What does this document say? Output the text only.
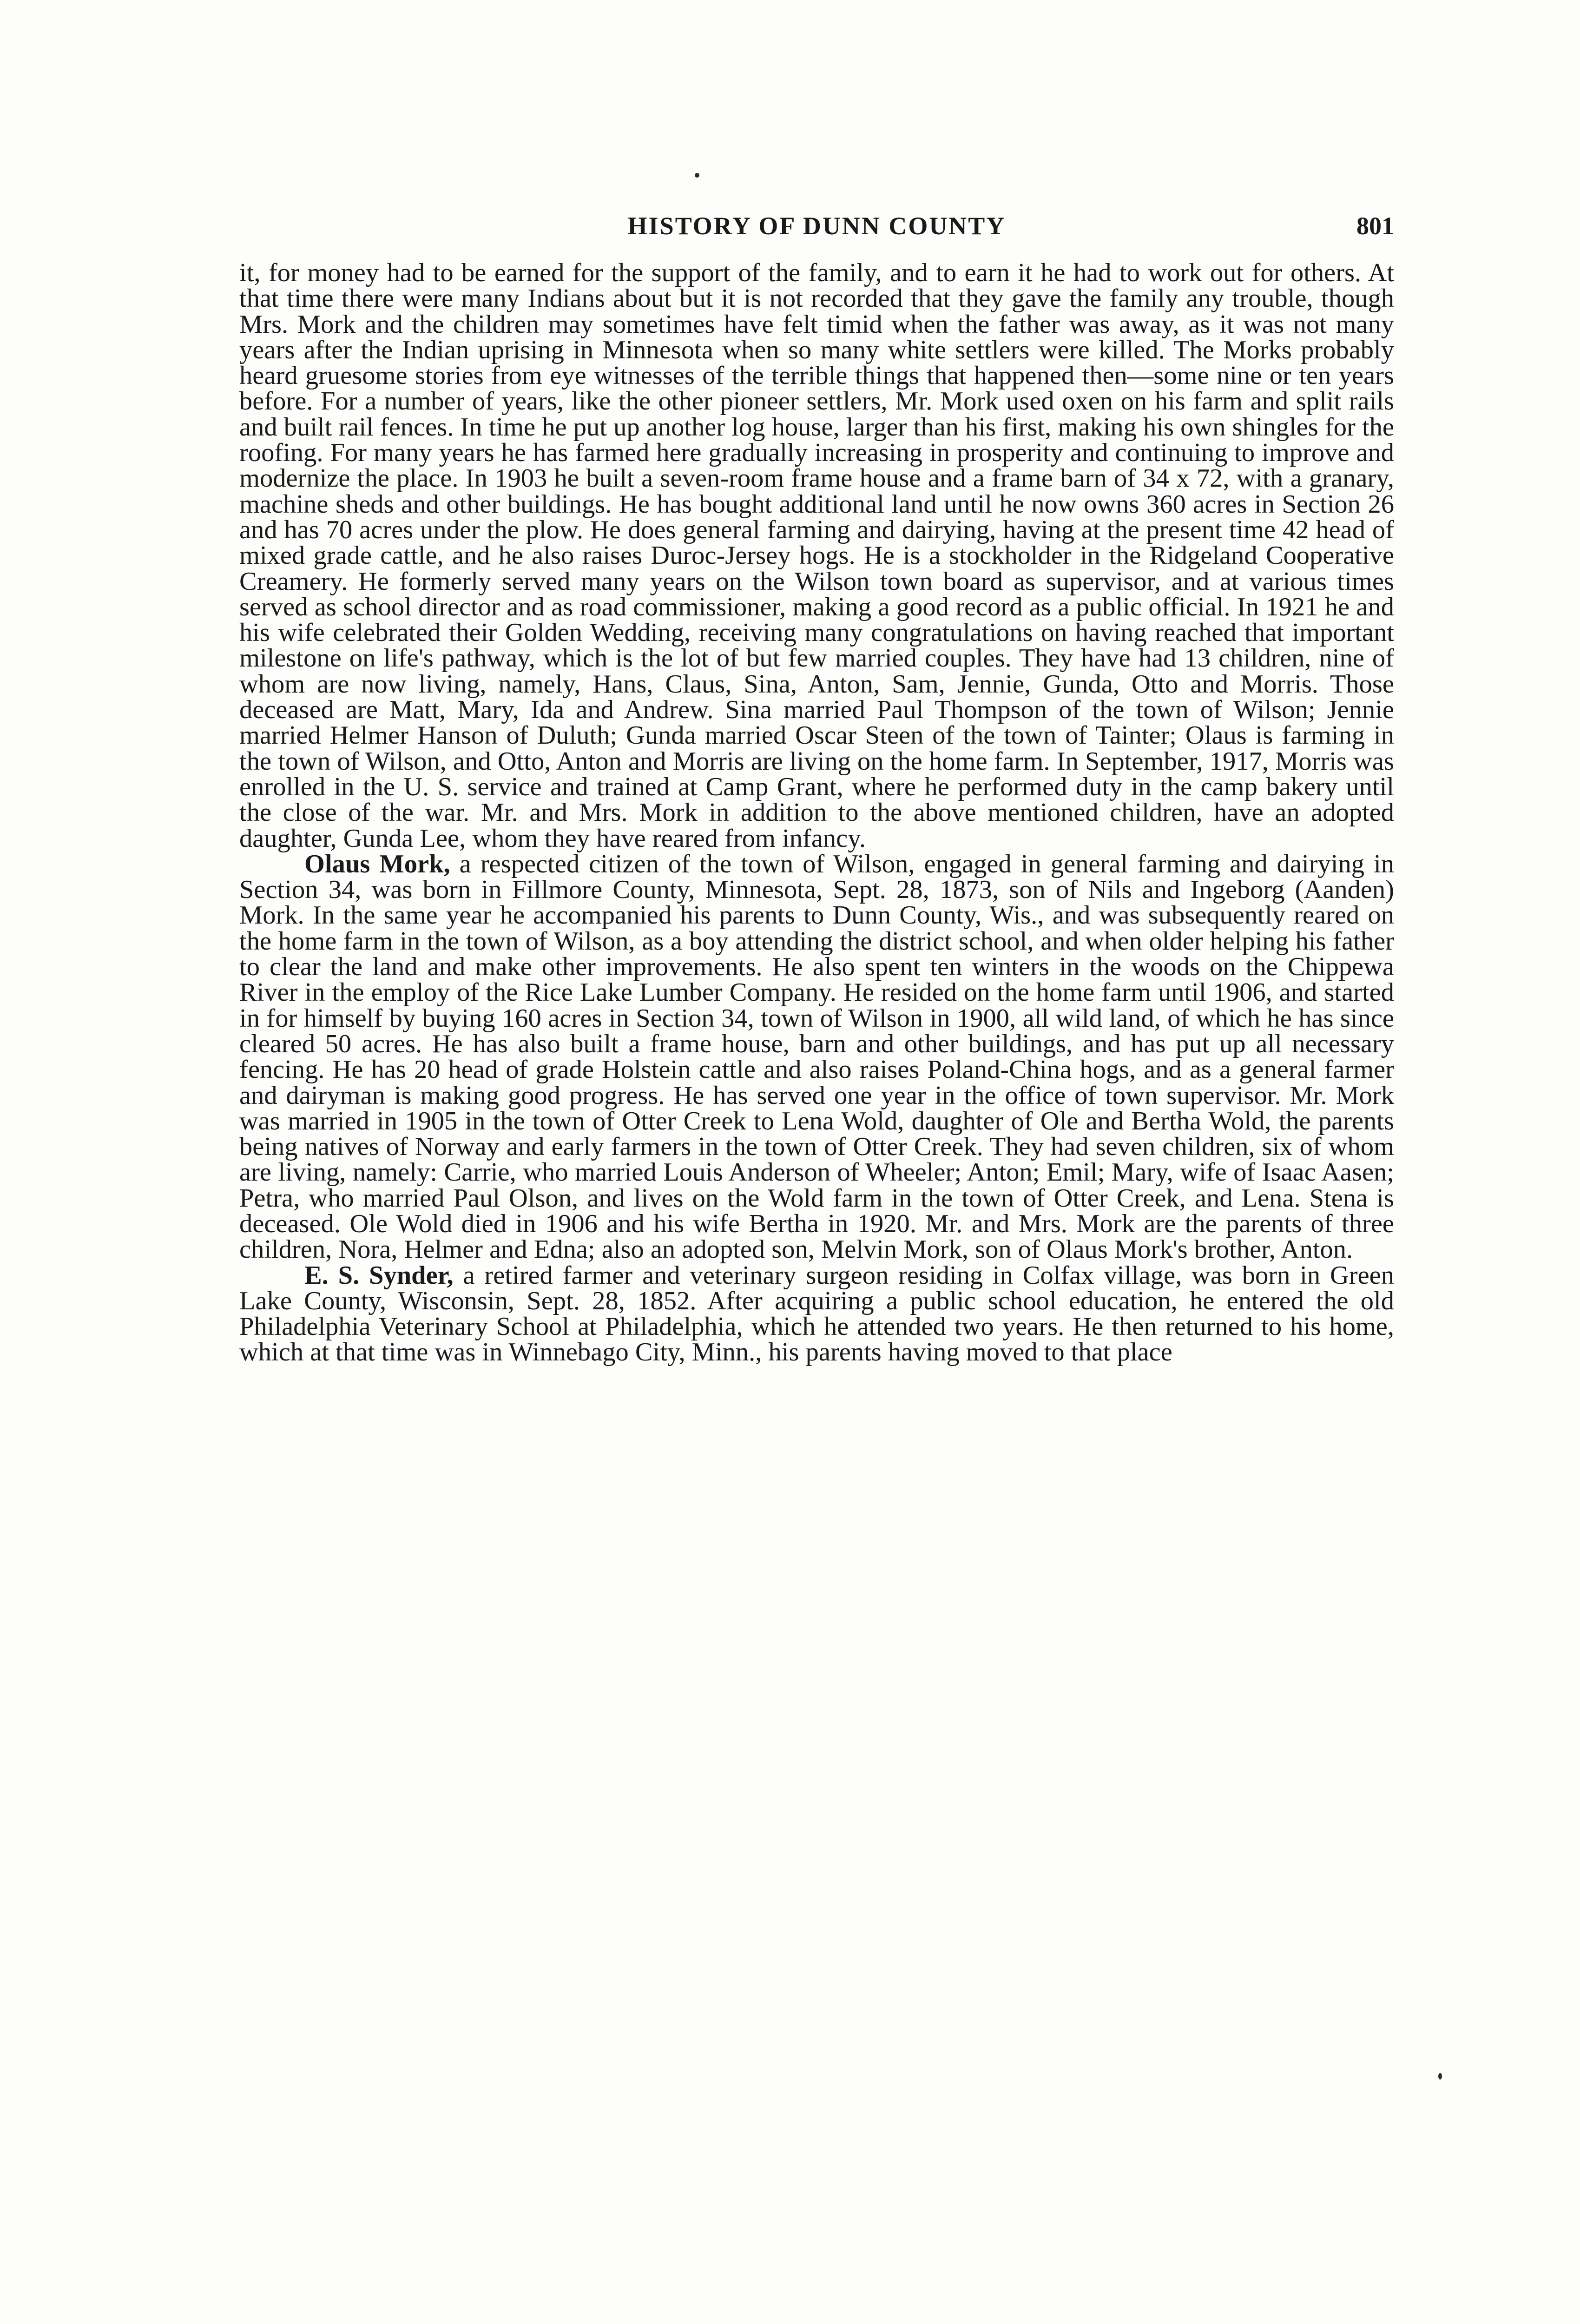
HISTORY OF DUNN COUNTY	801

it, for money had to be earned for the support of the family, and to earn it he had to work out for others. At that time there were many Indians about but it is not recorded that they gave the family any trouble, though Mrs. Mork and the children may sometimes have felt timid when the father was away, as it was not many years after the Indian uprising in Minnesota when so many white settlers were killed. The Morks probably heard gruesome stories from eye witnesses of the terrible things that happened then—some nine or ten years before. For a number of years, like the other pioneer settlers, Mr. Mork used oxen on his farm and split rails and built rail fences. In time he put up another log house, larger than his first, making his own shingles for the roofing. For many years he has farmed here gradually increasing in prosperity and continuing to improve and modernize the place. In 1903 he built a seven-room frame house and a frame barn of 34 x 72, with a granary, machine sheds and other buildings. He has bought additional land until he now owns 360 acres in Section 26 and has 70 acres under the plow. He does general farming and dairying, having at the present time 42 head of mixed grade cattle, and he also raises Duroc-Jersey hogs. He is a stockholder in the Ridgeland Cooperative Creamery. He formerly served many years on the Wilson town board as supervisor, and at various times served as school director and as road commissioner, making a good record as a public official. In 1921 he and his wife celebrated their Golden Wedding, receiving many congratulations on having reached that important milestone on life's pathway, which is the lot of but few married couples. They have had 13 children, nine of whom are now living, namely, Hans, Claus, Sina, Anton, Sam, Jennie, Gunda, Otto and Morris. Those deceased are Matt, Mary, Ida and Andrew. Sina married Paul Thompson of the town of Wilson; Jennie married Helmer Hanson of Duluth; Gunda married Oscar Steen of the town of Tainter; Olaus is farming in the town of Wilson, and Otto, Anton and Morris are living on the home farm. In September, 1917, Morris was enrolled in the U. S. service and trained at Camp Grant, where he performed duty in the camp bakery until the close of the war. Mr. and Mrs. Mork in addition to the above mentioned children, have an adopted daughter, Gunda Lee, whom they have reared from infancy.

Olaus Mork, a respected citizen of the town of Wilson, engaged in general farming and dairying in Section 34, was born in Fillmore County, Minnesota, Sept. 28, 1873, son of Nils and Ingeborg (Aanden) Mork. In the same year he accompanied his parents to Dunn County, Wis., and was subsequently reared on the home farm in the town of Wilson, as a boy attending the district school, and when older helping his father to clear the land and make other improvements. He also spent ten winters in the woods on the Chippewa River in the employ of the Rice Lake Lumber Company. He resided on the home farm until 1906, and started in for himself by buying 160 acres in Section 34, town of Wilson in 1900, all wild land, of which he has since cleared 50 acres. He has also built a frame house, barn and other buildings, and has put up all necessary fencing. He has 20 head of grade Holstein cattle and also raises Poland-China hogs, and as a general farmer and dairyman is making good progress. He has served one year in the office of town supervisor. Mr. Mork was married in 1905 in the town of Otter Creek to Lena Wold, daughter of Ole and Bertha Wold, the parents being natives of Norway and early farmers in the town of Otter Creek. They had seven children, six of whom are living, namely: Carrie, who married Louis Anderson of Wheeler; Anton; Emil; Mary, wife of Isaac Aasen; Petra, who married Paul Olson, and lives on the Wold farm in the town of Otter Creek, and Lena. Stena is deceased. Ole Wold died in 1906 and his wife Bertha in 1920. Mr. and Mrs. Mork are the parents of three children, Nora, Helmer and Edna; also an adopted son, Melvin Mork, son of Olaus Mork's brother, Anton.

E. S. Synder, a retired farmer and veterinary surgeon residing in Colfax village, was born in Green Lake County, Wisconsin, Sept. 28, 1852. After acquiring a public school education, he entered the old Philadelphia Veterinary School at Philadelphia, which he attended two years. He then returned to his home, which at that time was in Winnebago City, Minn., his parents having moved to that place
